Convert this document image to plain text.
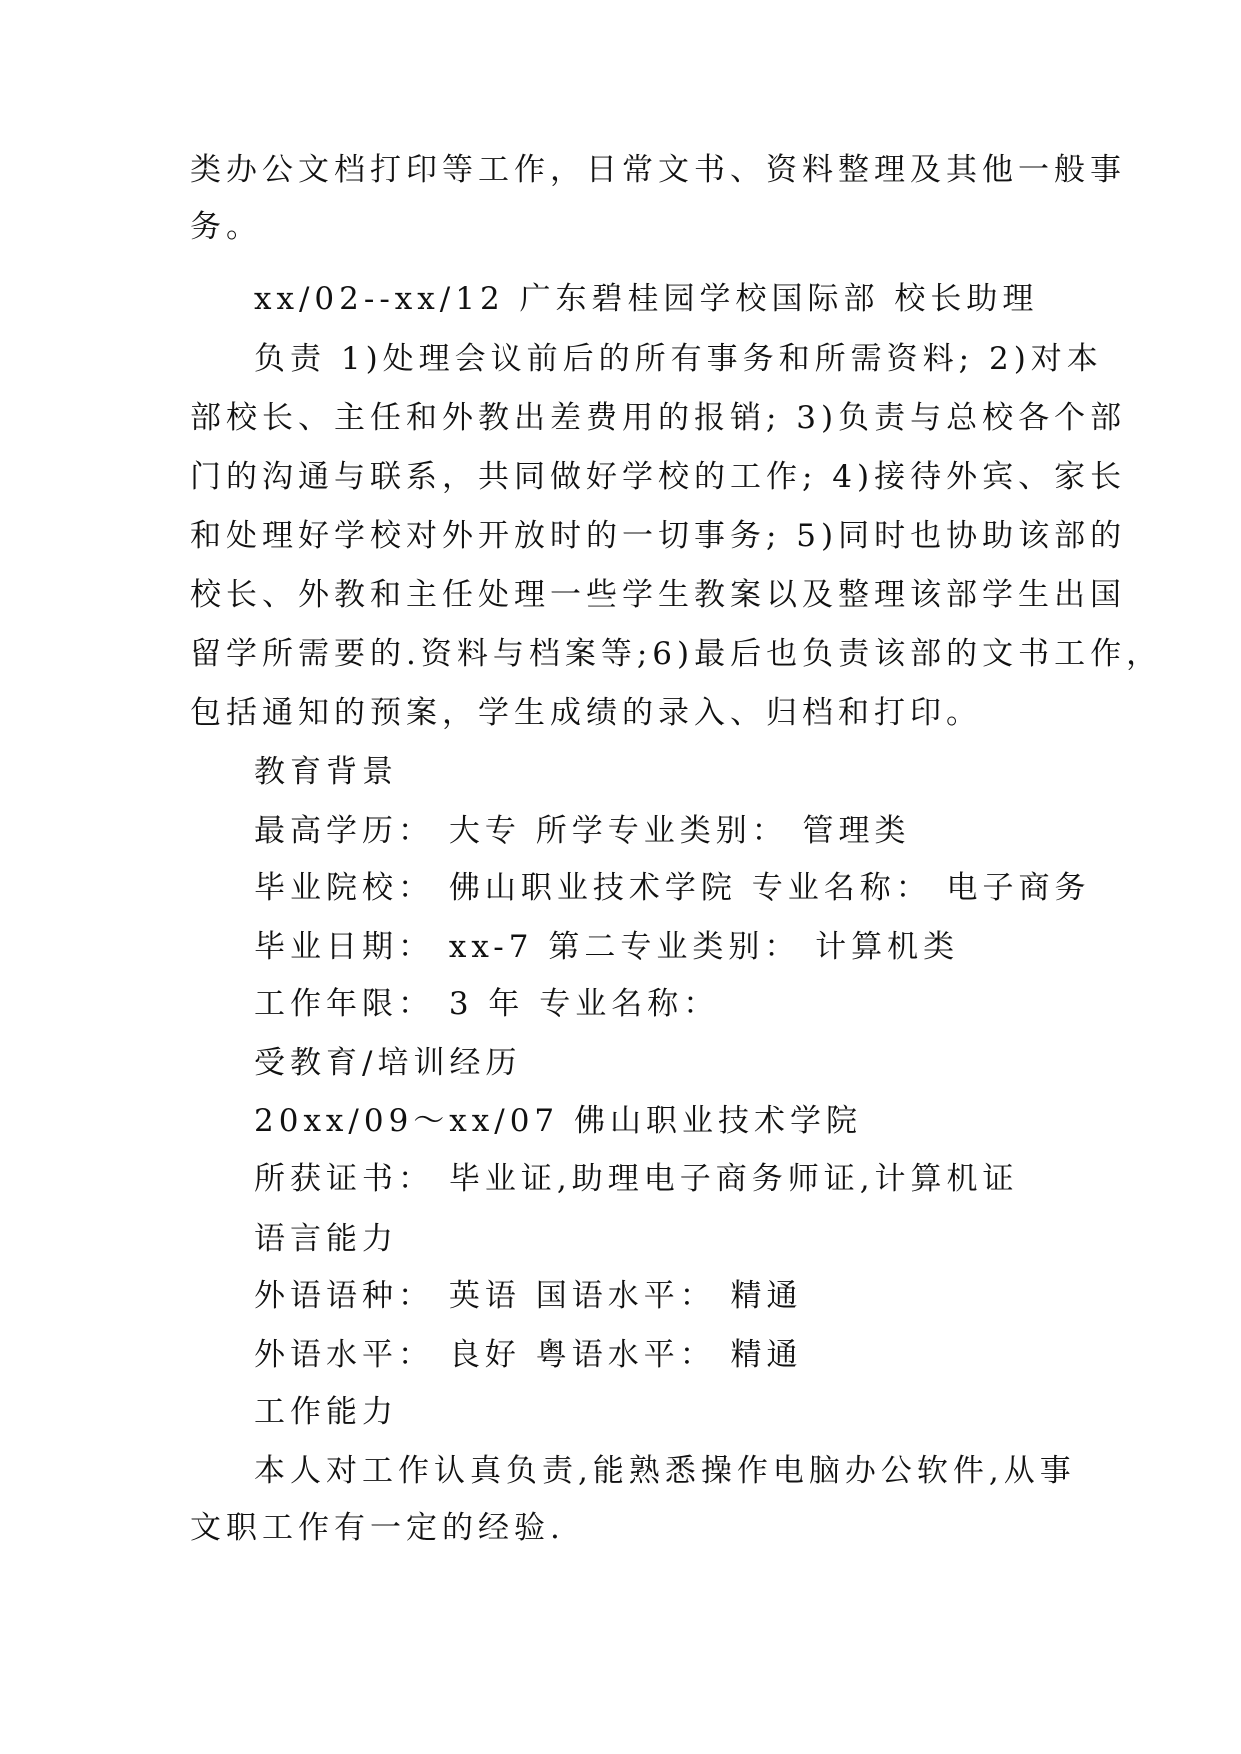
类办公文档打印等工作，日常文书、资料整理及其他一般事
务。
xx/02--xx/12 广东碧桂园学校国际部 校长助理
负责 1)处理会议前后的所有事务和所需资料; 2)对本
部校长、主任和外教出差费用的报销; 3)负责与总校各个部
门的沟通与联系，共同做好学校的工作; 4)接待外宾、家长
和处理好学校对外开放时的一切事务; 5)同时也协助该部的
校长、外教和主任处理一些学生教案以及整理该部学生出国
留学所需要的.资料与档案等;6)最后也负责该部的文书工作，
包括通知的预案，学生成绩的录入、归档和打印。
教育背景
最高学历： 大专 所学专业类别： 管理类
毕业院校： 佛山职业技术学院 专业名称： 电子商务
毕业日期： xx-7 第二专业类别： 计算机类
工作年限： 3 年 专业名称：
受教育/培训经历
20xx/09～xx/07 佛山职业技术学院
所获证书： 毕业证,助理电子商务师证,计算机证
语言能力
外语语种： 英语 国语水平： 精通
外语水平： 良好 粤语水平： 精通
工作能力
本人对工作认真负责,能熟悉操作电脑办公软件,从事
文职工作有一定的经验.
